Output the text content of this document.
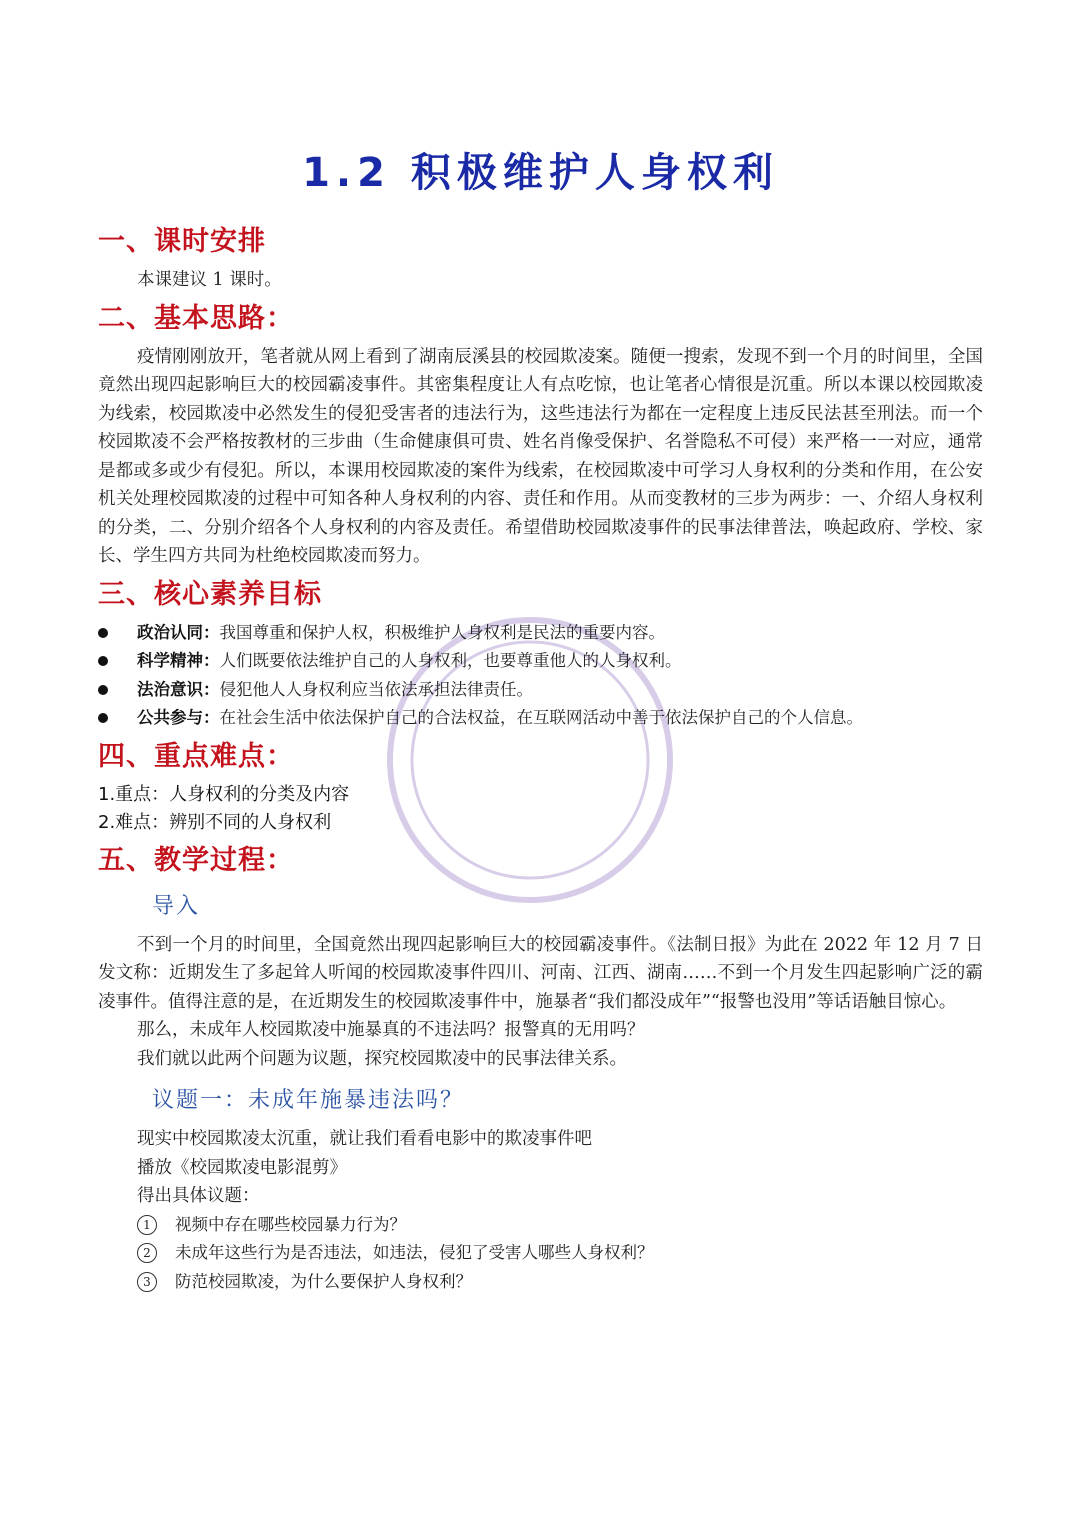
1.2 积极维护人身权利
一、课时安排
本课建议 1 课时。
二、基本思路：

疫情刚刚放开，笔者就从网上看到了湖南辰溪县的校园欺凌案。随便一搜索，发现不到一个月的时间里，全国竟然出现四起影响巨大的校园霸凌事件。其密集程度让人有点吃惊，也让笔者心情很是沉重。所以本课以校园欺凌为线索，校园欺凌中必然发生的侵犯受害者的违法行为，这些违法行为都在一定程度上违反民法甚至刑法。而一个校园欺凌不会严格按教材的三步曲（生命健康俱可贵、姓名肖像受保护、名誉隐私不可侵）来严格一一对应，通常是都或多或少有侵犯。所以，本课用校园欺凌的案件为线索，在校园欺凌中可学习人身权利的分类和作用，在公安机关处理校园欺凌的过程中可知各种人身权利的内容、责任和作用。从而变教材的三步为两步：一、介绍人身权利的分类，二、分别介绍各个人身权利的内容及责任。希望借助校园欺凌事件的民事法律普法，唤起政府、学校、家长、学生四方共同为杜绝校园欺凌而努力。

三、核心素养目标
政治认同：我国尊重和保护人权，积极维护人身权利是民法的重要内容。
科学精神：人们既要依法维护自己的人身权利，也要尊重他人的人身权利。
法治意识：侵犯他人人身权利应当依法承担法律责任。
公共参与：在社会生活中依法保护自己的合法权益，在互联网活动中善于依法保护自己的个人信息。
四、重点难点：
1.重点：人身权利的分类及内容
2.难点：辨别不同的人身权利
五、教学过程：
导入

不到一个月的时间里，全国竟然出现四起影响巨大的校园霸凌事件。《法制日报》为此在 2022 年 12 月 7 日发文称：近期发生了多起耸人听闻的校园欺凌事件四川、河南、江西、湖南……不到一个月发生四起影响广泛的霸凌事件。值得注意的是，在近期发生的校园欺凌事件中，施暴者“我们都没成年”“报警也没用”等话语触目惊心。

那么，未成年人校园欺凌中施暴真的不违法吗？报警真的无用吗？
我们就以此两个问题为议题，探究校园欺凌中的民事法律关系。
议题一：未成年施暴违法吗？
现实中校园欺凌太沉重，就让我们看看电影中的欺凌事件吧
播放《校园欺凌电影混剪》
得出具体议题：
1	视频中存在哪些校园暴力行为？
2	未成年这些行为是否违法，如违法，侵犯了受害人哪些人身权利？
3	防范校园欺凌，为什么要保护人身权利？
